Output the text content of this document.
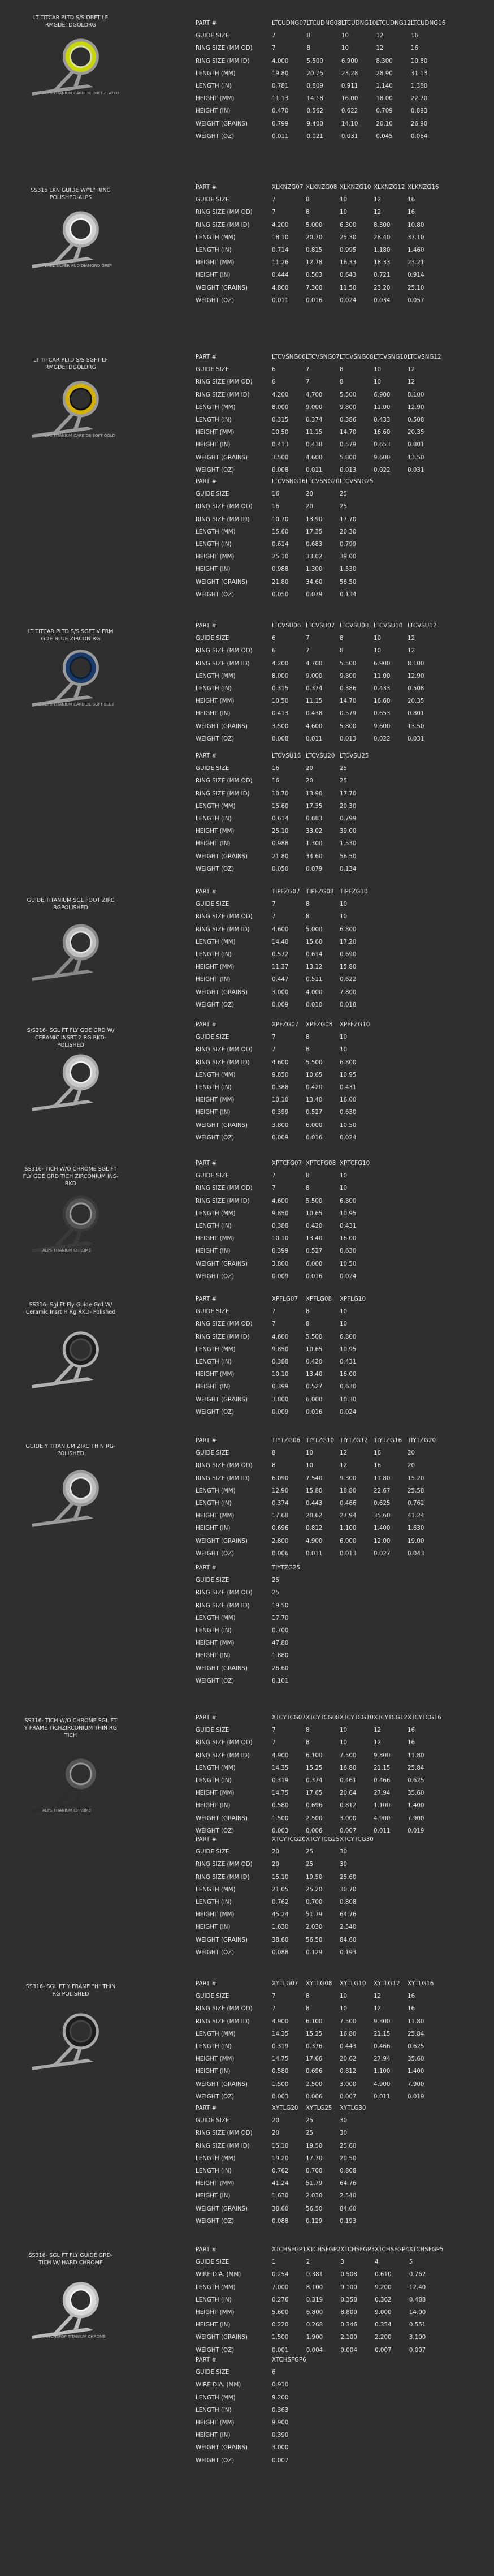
LT TITCAR PLTD S/S DBFT LF RMGDETDGOLDRG
ALPS TITANIUM CARBIDE DBFT PLATED
PART #	LTCUDNG07	LTCUDNG08	LTCUDNG10	LTCUDNG12	LTCUDNG16
GUIDE SIZE	7	8	10	12	16
RING SIZE (MM OD)	7	8	10	12	16
RING SIZE (MM ID)	4.000	5.500	6.900	8.300	10.80
LENGTH (MM)	19.80	20.75	23.28	28.90	31.13
LENGTH (IN)	0.781	0.809	0.911	1.140	1.380
HEIGHT (MM)	11.13	14.18	16.00	18.00	22.70
HEIGHT (IN)	0.470	0.562	0.622	0.709	0.893
WEIGHT (GRAINS)	0.799	9.400	14.10	20.10	26.90
WEIGHT (OZ)	0.011	0.021	0.031	0.045	0.064
SS316 LKN GUIDE W/"L" RING POLISHED-ALPS
PEARL SILVER AND DIAMOND GREY
PART #	XLKNZG07	XLKNZG08	XLKNZG10	XLKNZG12	XLKNZG16
GUIDE SIZE	7	8	10	12	16
RING SIZE (MM OD)	7	8	10	12	16
RING SIZE (MM ID)	4.200	5.000	6.300	8.300	10.80
LENGTH (MM)	18.10	20.70	25.30	28.40	37.10
LENGTH (IN)	0.714	0.815	0.995	1.180	1.460
HEIGHT (MM)	11.26	12.78	16.33	18.33	23.21
HEIGHT (IN)	0.444	0.503	0.643	0.721	0.914
WEIGHT (GRAINS)	4.800	7.300	11.50	23.20	25.10
WEIGHT (OZ)	0.011	0.016	0.024	0.034	0.057
LT TITCAR PLTD S/S SGFT LF RMGDETDGOLDRG
ALPS TITANIUM CARBIDE SGFT GOLD
PART #	LTCVSNG06	LTCVSNG07	LTCVSNG08	LTCVSNG10	LTCVSNG12
GUIDE SIZE	6	7	8	10	12
RING SIZE (MM OD)	6	7	8	10	12
RING SIZE (MM ID)	4.200	4.700	5.500	6.900	8.100
LENGTH (MM)	8.000	9.000	9.800	11.00	12.90
LENGTH (IN)	0.315	0.374	0.386	0.433	0.508
HEIGHT (MM)	10.50	11.15	14.70	16.60	20.35
HEIGHT (IN)	0.413	0.438	0.579	0.653	0.801
WEIGHT (GRAINS)	3.500	4.600	5.800	9.600	13.50
WEIGHT (OZ)	0.008	0.011	0.013	0.022	0.031
PART #	LTCVSNG16	LTCVSNG20	LTCVSNG25
GUIDE SIZE	16	20	25
RING SIZE (MM OD)	16	20	25
RING SIZE (MM ID)	10.70	13.90	17.70
LENGTH (MM)	15.60	17.35	20.30
LENGTH (IN)	0.614	0.683	0.799
HEIGHT (MM)	25.10	33.02	39.00
HEIGHT (IN)	0.988	1.300	1.530
WEIGHT (GRAINS)	21.80	34.60	56.50
WEIGHT (OZ)	0.050	0.079	0.134
LT TITCAR PLTD S/S SGFT V FRM GDE BLUE ZIRCON RG
ALPS TITANIUM CARBIDE SGFT BLUE
PART #	LTCVSU06	LTCVSU07	LTCVSU08	LTCVSU10	LTCVSU12
GUIDE SIZE	6	7	8	10	12
RING SIZE (MM OD)	6	7	8	10	12
RING SIZE (MM ID)	4.200	4.700	5.500	6.900	8.100
LENGTH (MM)	8.000	9.000	9.800	11.00	12.90
LENGTH (IN)	0.315	0.374	0.386	0.433	0.508
HEIGHT (MM)	10.50	11.15	14.70	16.60	20.35
HEIGHT (IN)	0.413	0.438	0.579	0.653	0.801
WEIGHT (GRAINS)	3.500	4.600	5.800	9.600	13.50
WEIGHT (OZ)	0.008	0.011	0.013	0.022	0.031
PART #	LTCVSU16	LTCVSU20	LTCVSU25
GUIDE SIZE	16	20	25
RING SIZE (MM OD)	16	20	25
RING SIZE (MM ID)	10.70	13.90	17.70
LENGTH (MM)	15.60	17.35	20.30
LENGTH (IN)	0.614	0.683	0.799
HEIGHT (MM)	25.10	33.02	39.00
HEIGHT (IN)	0.988	1.300	1.530
WEIGHT (GRAINS)	21.80	34.60	56.50
WEIGHT (OZ)	0.050	0.079	0.134
GUIDE TITANIUM SGL FOOT ZIRC RGPOLISHED
PART #	TIPFZG07	TIPFZG08	TIPFZG10
GUIDE SIZE	7	8	10
RING SIZE (MM OD)	7	8	10
RING SIZE (MM ID)	4.600	5.000	6.800
LENGTH (MM)	14.40	15.60	17.20
LENGTH (IN)	0.572	0.614	0.690
HEIGHT (MM)	11.37	13.12	15.80
HEIGHT (IN)	0.447	0.511	0.622
WEIGHT (GRAINS)	3.000	4.000	7.800
WEIGHT (OZ)	0.009	0.010	0.018
S/S316- SGL FT FLY GDE GRD W/ CERAMIC INSRT 2 RG RKD- POLISHED
PART #	XPFZG07	XPFZG08	XPFFZG10
GUIDE SIZE	7	8	10
RING SIZE (MM OD)	7	8	10
RING SIZE (MM ID)	4.600	5.500	6.800
LENGTH (MM)	9.850	10.65	10.95
LENGTH (IN)	0.388	0.420	0.431
HEIGHT (MM)	10.10	13.40	16.00
HEIGHT (IN)	0.399	0.527	0.630
WEIGHT (GRAINS)	3.800	6.000	10.50
WEIGHT (OZ)	0.009	0.016	0.024
SS316- TICH W/O CHROME SGL FT FLY GDE GRD TICH ZIRCONIUM INS- RKD
ALPS TITANIUM CHROME
PART #	XPTCFG07	XPTCFG08	XPTCFG10
GUIDE SIZE	7	8	10
RING SIZE (MM OD)	7	8	10
RING SIZE (MM ID)	4.600	5.500	6.800
LENGTH (MM)	9.850	10.65	10.95
LENGTH (IN)	0.388	0.420	0.431
HEIGHT (MM)	10.10	13.40	16.00
HEIGHT (IN)	0.399	0.527	0.630
WEIGHT (GRAINS)	3.800	6.000	10.50
WEIGHT (OZ)	0.009	0.016	0.024
SS316- Sgl Ft Fly Guide Grd W/ Ceramic Insrt H Rg RKD- Polished
PART #	XPFLG07	XPFLG08	XPFLG10
GUIDE SIZE	7	8	10
RING SIZE (MM OD)	7	8	10
RING SIZE (MM ID)	4.600	5.500	6.800
LENGTH (MM)	9.850	10.65	10.95
LENGTH (IN)	0.388	0.420	0.431
HEIGHT (MM)	10.10	13.40	16.00
HEIGHT (IN)	0.399	0.527	0.630
WEIGHT (GRAINS)	3.800	6.000	10.30
WEIGHT (OZ)	0.009	0.016	0.024
GUIDE Y TITANIUM ZIRC THIN RG-POLISHED
PART #	TIYTZG06	TIYTZG10	TIYTZG12	TIYTZG16	TIYTZG20
GUIDE SIZE	8	10	12	16	20
RING SIZE (MM OD)	8	10	12	16	20
RING SIZE (MM ID)	6.090	7.540	9.300	11.80	15.20
LENGTH (MM)	12.90	15.80	18.80	22.67	25.58
LENGTH (IN)	0.374	0.443	0.466	0.625	0.762
HEIGHT (MM)	17.68	20.62	27.94	35.60	41.24
HEIGHT (IN)	0.696	0.812	1.100	1.400	1.630
WEIGHT (GRAINS)	2.800	4.900	6.000	12.00	19.00
WEIGHT (OZ)	0.006	0.011	0.013	0.027	0.043
PART #	TIYTZG25
GUIDE SIZE	25
RING SIZE (MM OD)	25
RING SIZE (MM ID)	19.50
LENGTH (MM)	17.70
LENGTH (IN)	0.700
HEIGHT (MM)	47.80
HEIGHT (IN)	1.880
WEIGHT (GRAINS)	26.60
WEIGHT (OZ)	0.101
SS316- TICH W/O CHROME SGL FT Y FRAME TICHZIRCONIUM THIN RG TICH
ALPS TITANIUM CHROME
PART #	XTCYTCG07	XTCYTCG08	XTCYTCG10	XTCYTCG12	XTCYTCG16
GUIDE SIZE	7	8	10	12	16
RING SIZE (MM OD)	7	8	10	12	16
RING SIZE (MM ID)	4.900	6.100	7.500	9.300	11.80
LENGTH (MM)	14.35	15.25	16.80	21.15	25.84
LENGTH (IN)	0.319	0.374	0.461	0.466	0.625
HEIGHT (MM)	14.75	17.65	20.64	27.94	35.60
HEIGHT (IN)	0.580	0.696	0.812	1.100	1.400
WEIGHT (GRAINS)	1.500	2.500	3.000	4.900	7.900
WEIGHT (OZ)	0.003	0.006	0.007	0.011	0.019
PART #	XTCYTCG20	XTCYTCG25	XTCYTCG30
GUIDE SIZE	20	25	30
RING SIZE (MM OD)	20	25	30
RING SIZE (MM ID)	15.10	19.50	25.60
LENGTH (MM)	21.05	25.20	30.70
LENGTH (IN)	0.762	0.700	0.808
HEIGHT (MM)	45.24	51.79	64.76
HEIGHT (IN)	1.630	2.030	2.540
WEIGHT (GRAINS)	38.60	56.50	84.60
WEIGHT (OZ)	0.088	0.129	0.193
SS316- SGL FT Y FRAME "H" THIN RG POLISHED
PART #	XYTLG07	XYTLG08	XYTLG10	XYTLG12	XYTLG16
GUIDE SIZE	7	8	10	12	16
RING SIZE (MM OD)	7	8	10	12	16
RING SIZE (MM ID)	4.900	6.100	7.500	9.300	11.80
LENGTH (MM)	14.35	15.25	16.80	21.15	25.84
LENGTH (IN)	0.319	0.376	0.443	0.466	0.625
HEIGHT (MM)	14.75	17.66	20.62	27.94	35.60
HEIGHT (IN)	0.580	0.696	0.812	1.100	1.400
WEIGHT (GRAINS)	1.500	2.500	3.000	4.900	7.900
WEIGHT (OZ)	0.003	0.006	0.007	0.011	0.019
PART #	XYTLG20	XYTLG25	XYTLG30
GUIDE SIZE	20	25	30
RING SIZE (MM OD)	20	25	30
RING SIZE (MM ID)	15.10	19.50	25.60
LENGTH (MM)	19.20	17.70	20.50
LENGTH (IN)	0.762	0.700	0.808
HEIGHT (MM)	41.24	51.79	64.76
HEIGHT (IN)	1.630	2.030	2.540
WEIGHT (GRAINS)	38.60	56.50	84.60
WEIGHT (OZ)	0.088	0.129	0.193
SS316- SGL FT FLY GUIDE GRD- TICH W/ HARD CHROME
#XTCHSFGP TITANIUM CHROME
PART #	XTCHSFGP1	XTCHSFGP2	XTCHSFGP3	XTCHSFGP4	XTCHSFGP5
GUIDE SIZE	1	2	3	4	5
WIRE DIA. (MM)	0.254	0.381	0.508	0.610	0.762
LENGTH (MM)	7.000	8.100	9.100	9.200	12.40
LENGTH (IN)	0.276	0.319	0.358	0.362	0.488
HEIGHT (MM)	5.600	6.800	8.800	9.000	14.00
HEIGHT (IN)	0.220	0.268	0.346	0.354	0.551
WEIGHT (GRAINS)	1.500	1.900	2.100	2.200	3.100
WEIGHT (OZ)	0.001	0.004	0.004	0.007	0.007
PART #	XTCHSFGP6
GUIDE SIZE	6
WIRE DIA. (MM)	0.910
LENGTH (MM)	9.200
LENGTH (IN)	0.363
HEIGHT (MM)	9.900
HEIGHT (IN)	0.390
WEIGHT (GRAINS)	3.000
WEIGHT (OZ)	0.007
